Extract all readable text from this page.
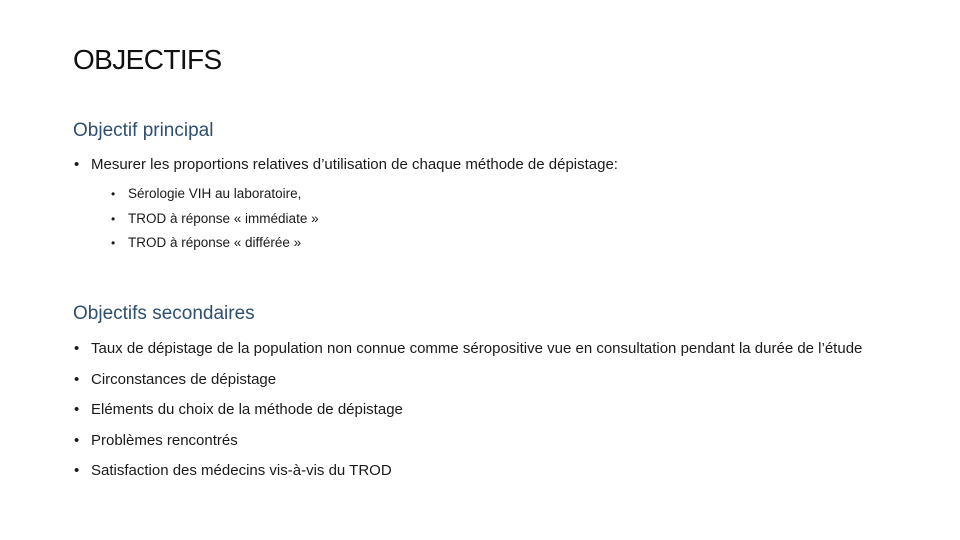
OBJECTIFS
Objectif principal
• Mesurer les proportions relatives d’utilisation de chaque méthode de dépistage:
• Sérologie VIH au laboratoire,
• TROD à réponse « immédiate »
• TROD à réponse « différée »
Objectifs secondaires
• Taux de dépistage de la population non connue comme séropositive vue en consultation pendant la durée de l’étude
• Circonstances de dépistage
• Eléments du choix de la méthode de dépistage
• Problèmes rencontrés
• Satisfaction des médecins vis-à-vis du TROD
